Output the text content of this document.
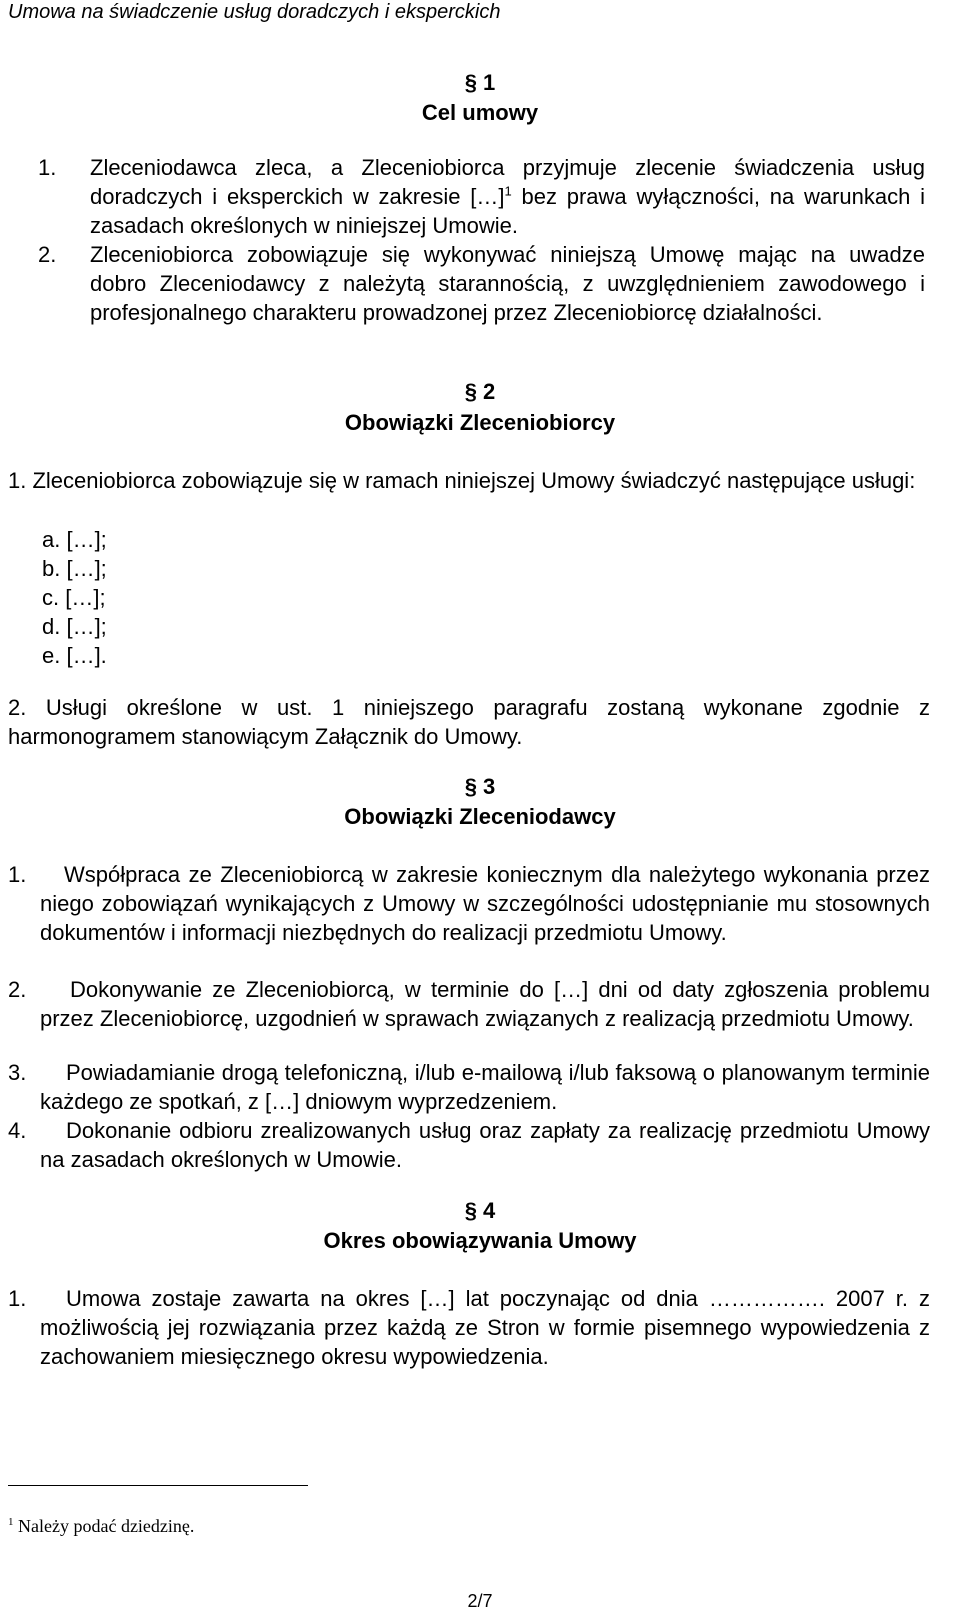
Umowa na świadczenie usług doradczych i eksperckich
§ 1
Cel umowy
1. Zleceniodawca zleca, a Zleceniobiorca przyjmuje zlecenie świadczenia usług doradczych i eksperckich w zakresie […]$^1$ bez prawa wyłączności, na warunkach i zasadach określonych w niniejszej Umowie.
2. Zleceniobiorca zobowiązuje się wykonywać niniejszą Umowę mając na uwadze dobro Zleceniodawcy z należytą starannością, z uwzględnieniem zawodowego i profesjonalnego charakteru prowadzonej przez Zleceniobiorcę działalności.
§ 2
Obowiązki Zleceniobiorcy
1. Zleceniobiorca zobowiązuje się w ramach niniejszej Umowy świadczyć następujące usługi:
a. […];
b. […];
c. […];
d. […];
e. […].
2. Usługi określone w ust. 1 niniejszego paragrafu zostaną wykonane zgodnie z harmonogramem stanowiącym Załącznik do Umowy.
§ 3
Obowiązki Zleceniodawcy
1.	Współpraca ze Zleceniobiorcą w zakresie koniecznym dla należytego wykonania przez niego zobowiązań wynikających z Umowy w szczególności udostępnianie mu stosownych dokumentów i informacji niezbędnych do realizacji przedmiotu Umowy.
2.	Dokonywanie ze Zleceniobiorcą, w terminie do […] dni od daty zgłoszenia problemu przez Zleceniobiorcę, uzgodnień w sprawach związanych z realizacją przedmiotu Umowy.
3.	Powiadamianie drogą telefoniczną, i/lub e-mailową i/lub faksową o planowanym terminie każdego ze spotkań, z […] dniowym wyprzedzeniem.
4.	Dokonanie odbioru zrealizowanych usług oraz zapłaty za realizację przedmiotu Umowy na zasadach określonych w Umowie.
§ 4
Okres obowiązywania Umowy
1.	Umowa zostaje zawarta na okres […] lat poczynając od dnia ……………. 2007 r. z możliwością jej rozwiązania przez każdą ze Stron w formie pisemnego wypowiedzenia z zachowaniem miesięcznego okresu wypowiedzenia.
$^1$ Należy podać dziedzinę.
2/7
